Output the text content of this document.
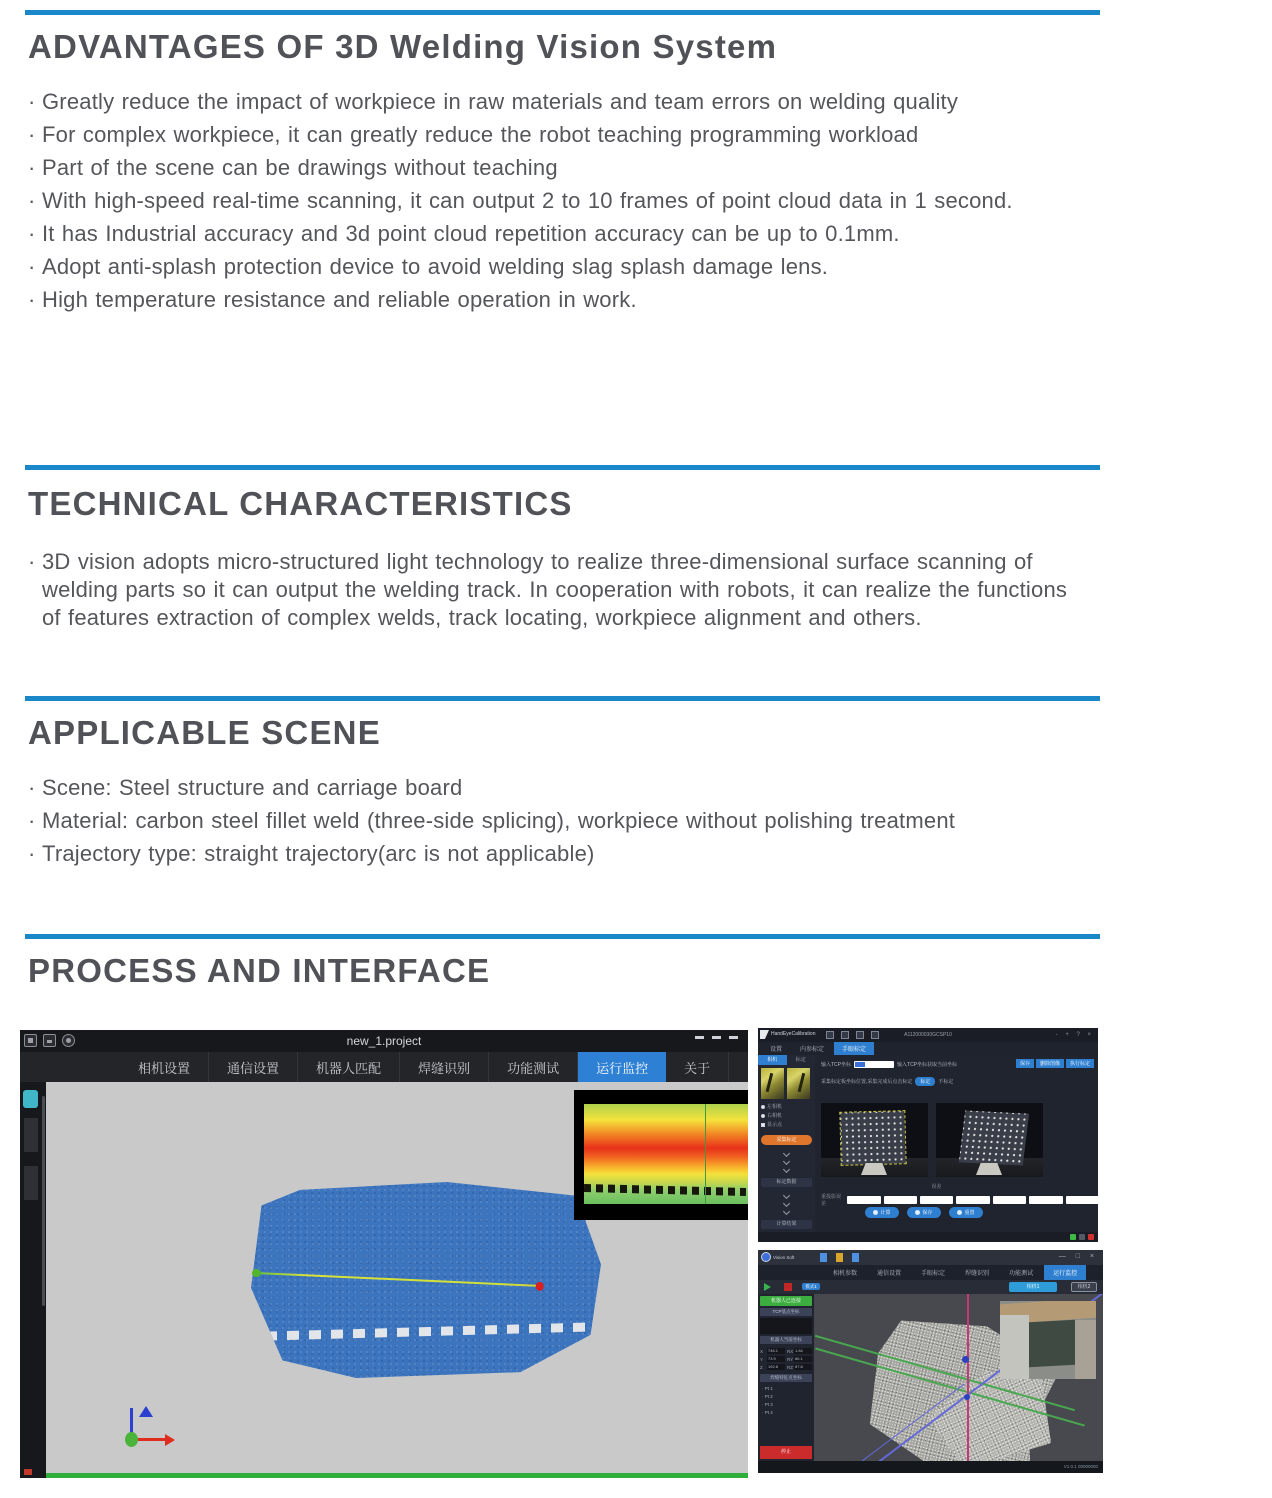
ADVANTAGES OF 3D Welding Vision System
· Greatly reduce the impact of workpiece in raw materials and team errors on welding quality
· For complex workpiece, it can greatly reduce the robot teaching programming workload
· Part of the scene can be drawings without teaching
· With high-speed real-time scanning, it can output 2 to 10 frames of point cloud data in 1 second.
· It has Industrial accuracy and 3d point cloud repetition accuracy can be up to 0.1mm.
· Adopt anti-splash protection device to avoid welding slag splash damage lens.
· High temperature resistance and reliable operation in work.
TECHNICAL CHARACTERISTICS
· 3D vision adopts micro-structured light technology to realize three-dimensional surface scanning of welding parts so it can output the welding track. In cooperation with robots, it can realize the functions of features extraction of complex welds, track locating, workpiece alignment and others.
APPLICABLE SCENE
· Scene: Steel structure and carriage board
· Material: carbon steel fillet weld (three-side splicing), workpiece without polishing treatment
· Trajectory type: straight trajectory(arc is not applicable)
PROCESS AND INTERFACE
new_1.project
相机设置	通信设置	机器人匹配	焊缝识别	功能测试	运行监控	关于
HandEyeCalibration	A112000030GCSP10	- + ? ×
设置	内参标定	手眼标定
相机	标定
左相机
右相机
显示点
采集标定
标定数据
计算结果
输入TCP坐标	输入TCP坐标获取当前坐标
采集标定板坐标位置,采集完成后点击标定	标定	不标定
保存	删除图像	执行标定
误差
重投影误差
计算	保存	重置
Vision Soft	— □ ×
相机参数	通信设置	手眼标定	焊缝识别	功能测试	运行监控
模式1	相机1	相机2
机器人已连接
TCP基点坐标
机器人当前坐标
X	746.1	RX 1.84
Y	73.9	RY 86.1
Z	192.8	RZ 87.8
焊缝特征点坐标
· Pt 1
· Pt 2
· Pt 3
· Pt 4
停止
V1.0.1 00000000
